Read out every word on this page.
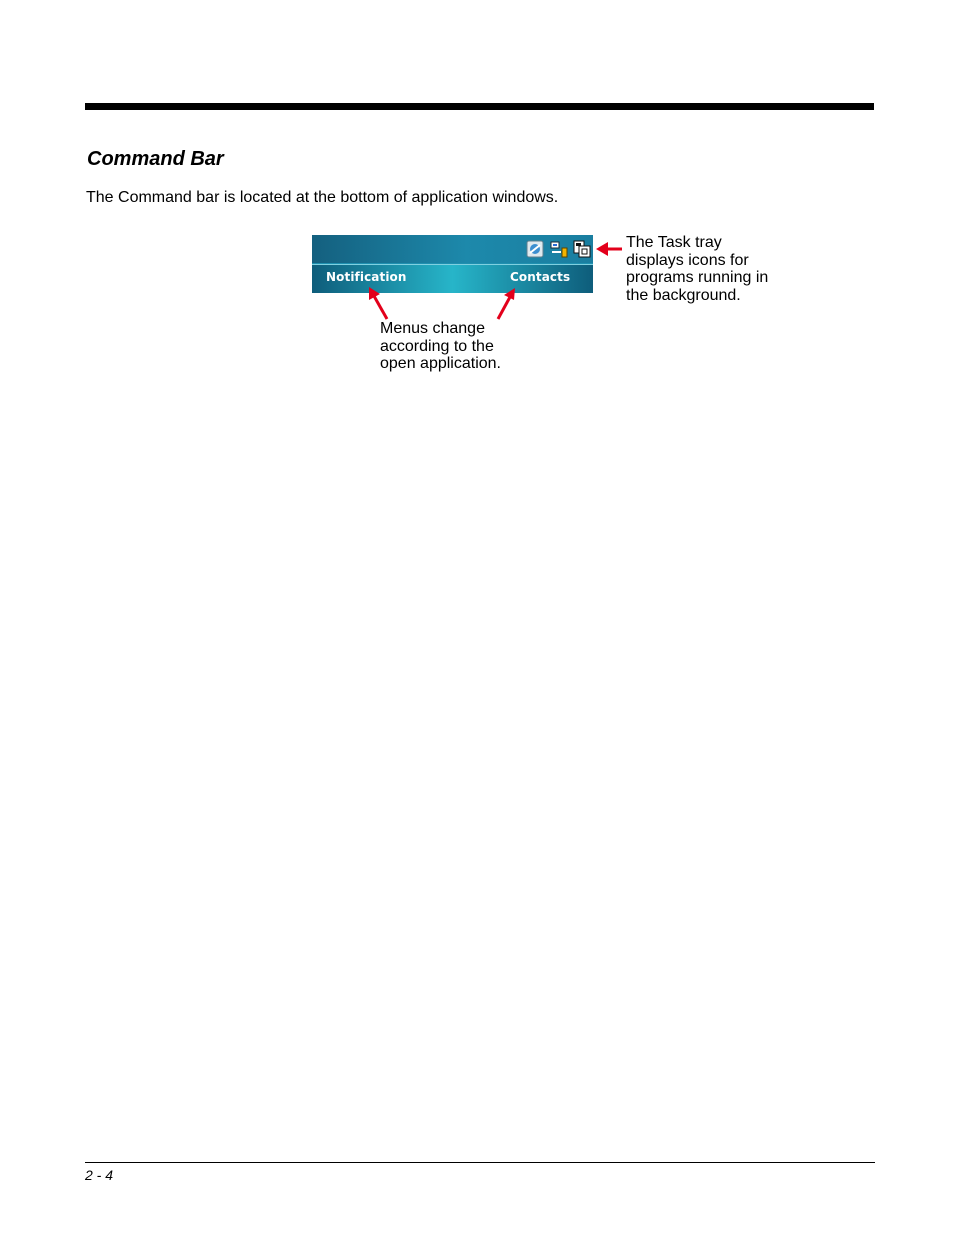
Command Bar

The Command bar is located at the bottom of application windows.

Notification	Contacts

The Task tray
displays icons for
programs running in
the background.

Menus change
according to the
open application.

2 - 4
